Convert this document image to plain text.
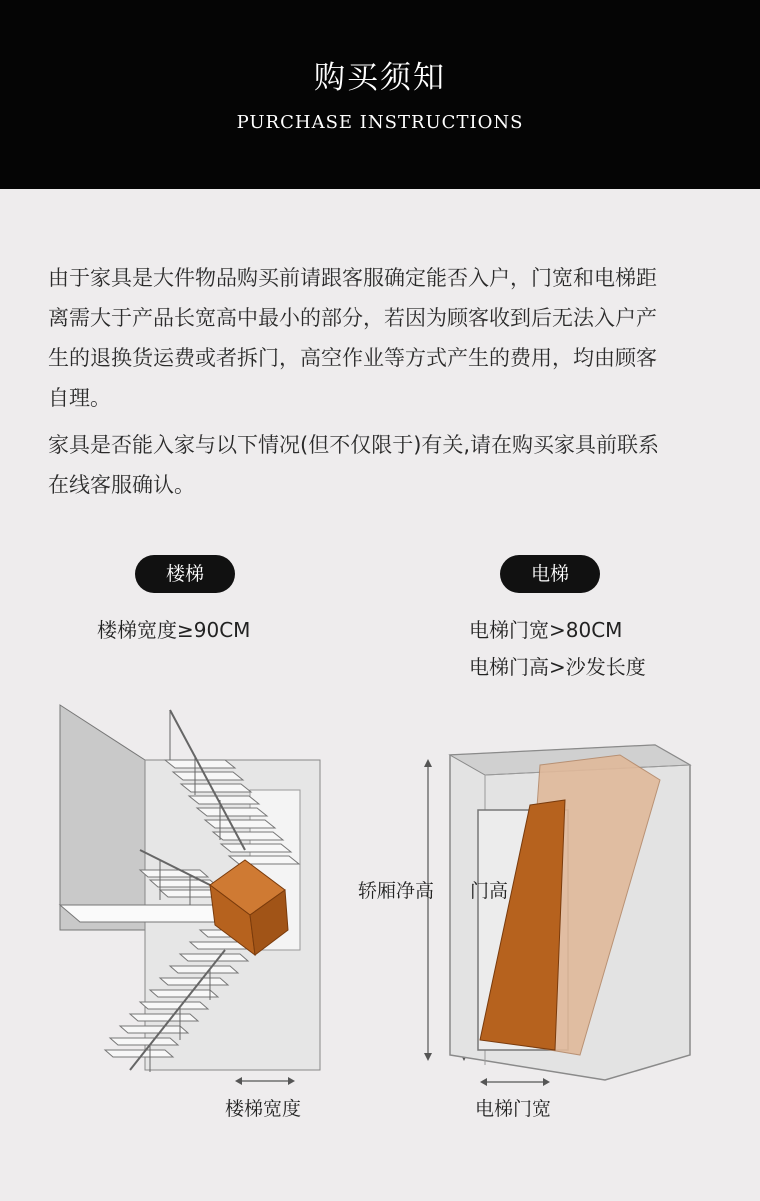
购买须知
PURCHASE INSTRUCTIONS
由于家具是大件物品购买前请跟客服确定能否入户，门宽和电梯距
离需大于产品长宽高中最小的部分，若因为顾客收到后无法入户产
生的退换货运费或者拆门，高空作业等方式产生的费用，均由顾客
自理。
家具是否能入家与以下情况(但不仅限于)有关,请在购买家具前联系
在线客服确认。
楼梯
楼梯宽度≥90CM
电梯
电梯门宽>80CM
电梯门高>沙发长度
楼梯宽度
轿厢净高 门高
电梯门宽
